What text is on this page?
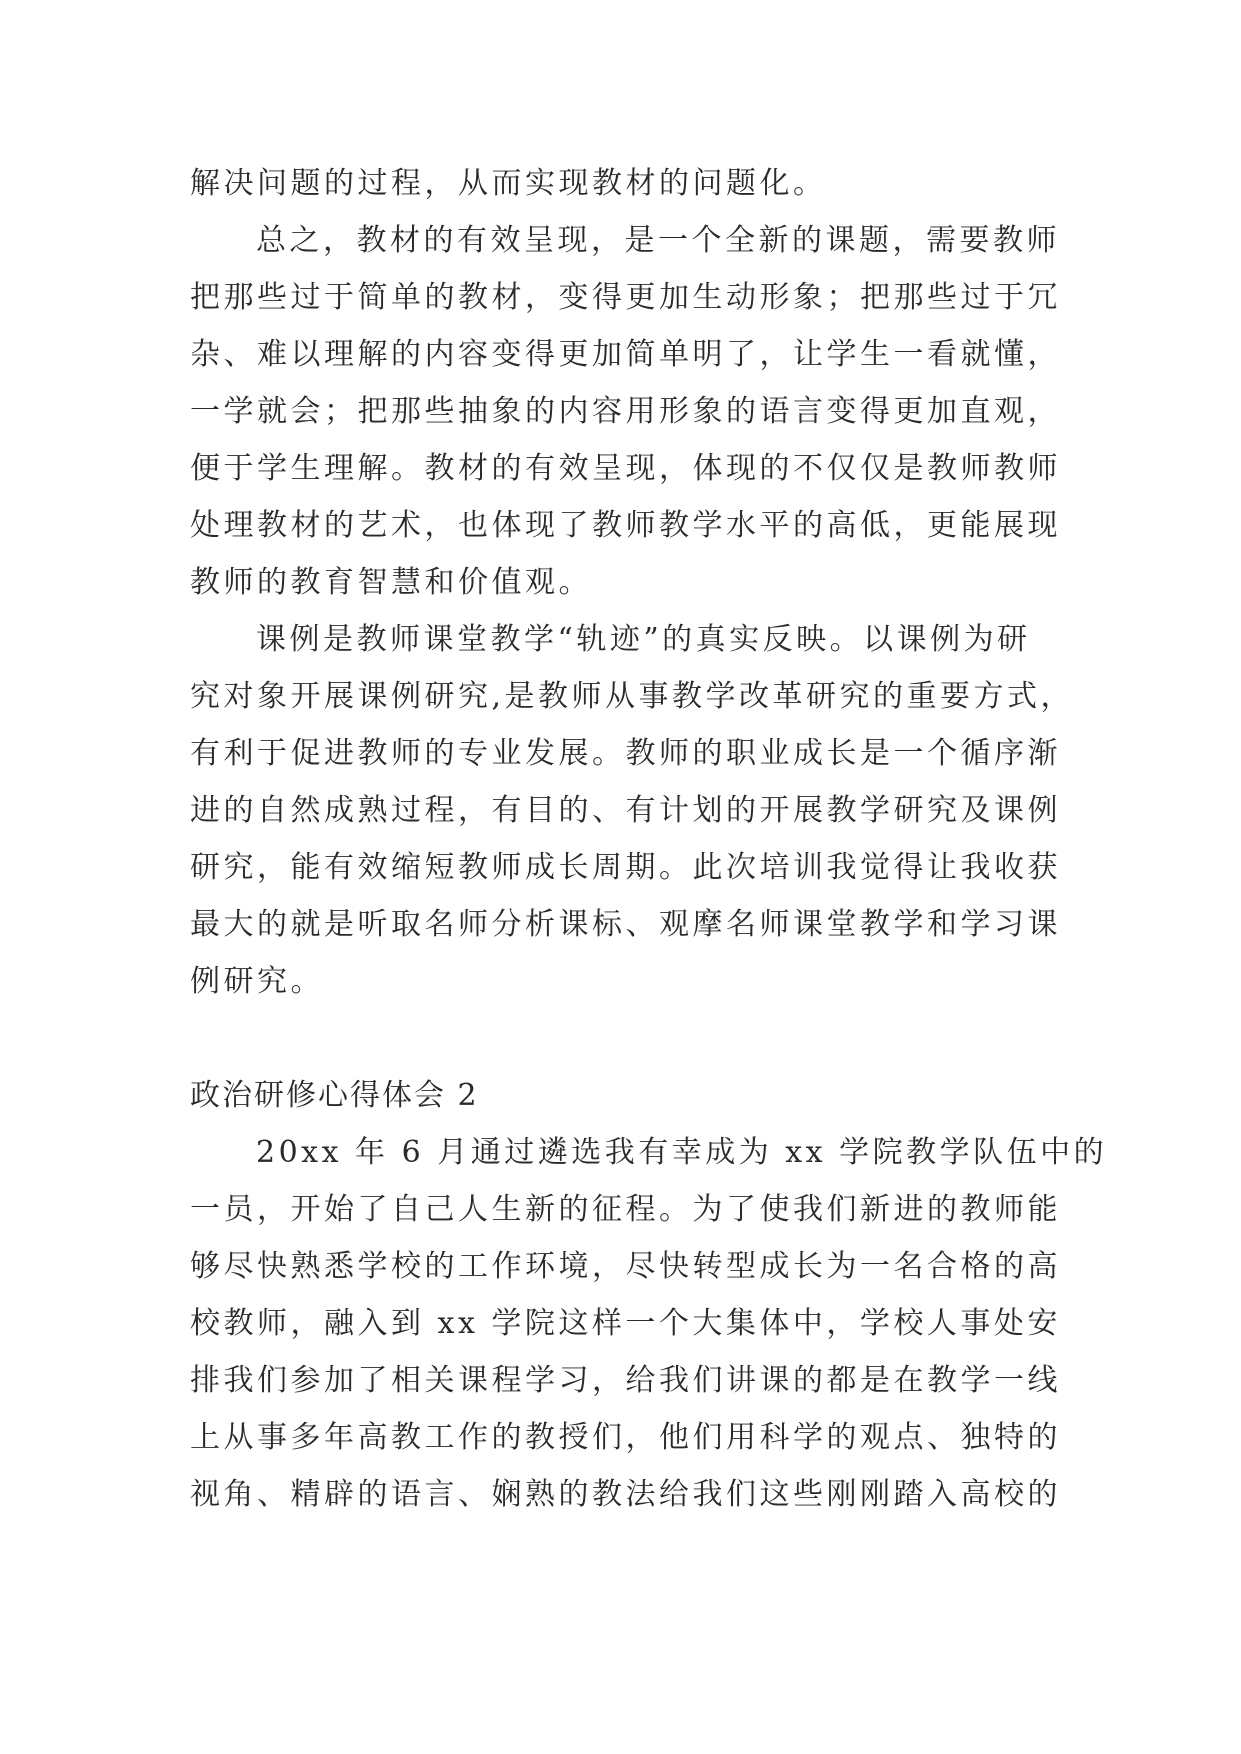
解决问题的过程，从而实现教材的问题化。
总之，教材的有效呈现，是一个全新的课题，需要教师
把那些过于简单的教材，变得更加生动形象；把那些过于冗
杂、难以理解的内容变得更加简单明了，让学生一看就懂，
一学就会；把那些抽象的内容用形象的语言变得更加直观，
便于学生理解。教材的有效呈现，体现的不仅仅是教师教师
处理教材的艺术，也体现了教师教学水平的高低，更能展现
教师的教育智慧和价值观。
课例是教师课堂教学“轨迹”的真实反映。以课例为研
究对象开展课例研究,是教师从事教学改革研究的重要方式，
有利于促进教师的专业发展。教师的职业成长是一个循序渐
进的自然成熟过程，有目的、有计划的开展教学研究及课例
研究，能有效缩短教师成长周期。此次培训我觉得让我收获
最大的就是听取名师分析课标、观摩名师课堂教学和学习课
例研究。
政治研修心得体会 2
20xx 年 6 月通过遴选我有幸成为 xx 学院教学队伍中的
一员，开始了自己人生新的征程。为了使我们新进的教师能
够尽快熟悉学校的工作环境，尽快转型成长为一名合格的高
校教师，融入到 xx 学院这样一个大集体中，学校人事处安
排我们参加了相关课程学习，给我们讲课的都是在教学一线
上从事多年高教工作的教授们，他们用科学的观点、独特的
视角、精辟的语言、娴熟的教法给我们这些刚刚踏入高校的
